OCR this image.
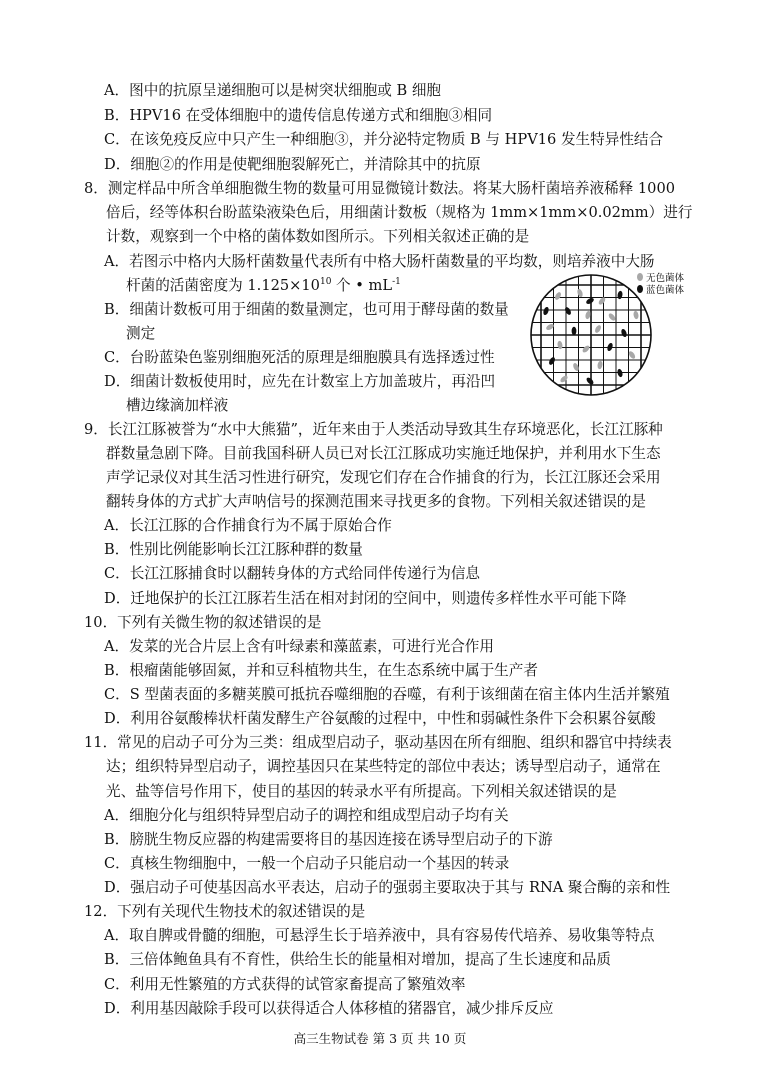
A．图中的抗原呈递细胞可以是树突状细胞或 B 细胞
B．HPV16 在受体细胞中的遗传信息传递方式和细胞③相同
C．在该免疫反应中只产生一种细胞③，并分泌特定物质 B 与 HPV16 发生特异性结合
D．细胞②的作用是使靶细胞裂解死亡，并清除其中的抗原
8．测定样品中所含单细胞微生物的数量可用显微镜计数法。将某大肠杆菌培养液稀释 1000
倍后，经等体积台盼蓝染液染色后，用细菌计数板（规格为 1mm×1mm×0.02mm）进行
计数，观察到一个中格的菌体数如图所示。下列相关叙述正确的是
A．若图示中格内大肠杆菌数量代表所有中格大肠杆菌数量的平均数，则培养液中大肠
杆菌的活菌密度为 $1.125\times 10^{10}$ 个 • $mL^{-1}$
B．细菌计数板可用于细菌的数量测定，也可用于酵母菌的数量
测定
C．台盼蓝染色鉴别细胞死活的原理是细胞膜具有选择透过性
D．细菌计数板使用时，应先在计数室上方加盖玻片，再沿凹
槽边缘滴加样液
无色菌体
蓝色菌体
9．长江江豚被誉为“水中大熊猫”，近年来由于人类活动导致其生存环境恶化，长江江豚种
群数量急剧下降。目前我国科研人员已对长江江豚成功实施迁地保护，并利用水下生态
声学记录仪对其生活习性进行研究，发现它们存在合作捕食的行为，长江江豚还会采用
翻转身体的方式扩大声呐信号的探测范围来寻找更多的食物。下列相关叙述错误的是
A．长江江豚的合作捕食行为不属于原始合作
B．性别比例能影响长江江豚种群的数量
C．长江江豚捕食时以翻转身体的方式给同伴传递行为信息
D．迁地保护的长江江豚若生活在相对封闭的空间中，则遗传多样性水平可能下降
10．下列有关微生物的叙述错误的是
A．发菜的光合片层上含有叶绿素和藻蓝素，可进行光合作用
B．根瘤菌能够固氮，并和豆科植物共生，在生态系统中属于生产者
C．S 型菌表面的多糖荚膜可抵抗吞噬细胞的吞噬，有利于该细菌在宿主体内生活并繁殖
D．利用谷氨酸棒状杆菌发酵生产谷氨酸的过程中，中性和弱碱性条件下会积累谷氨酸
11．常见的启动子可分为三类：组成型启动子，驱动基因在所有细胞、组织和器官中持续表
达；组织特异型启动子，调控基因只在某些特定的部位中表达；诱导型启动子，通常在
光、盐等信号作用下，使目的基因的转录水平有所提高。下列相关叙述错误的是
A．细胞分化与组织特异型启动子的调控和组成型启动子均有关
B．膀胱生物反应器的构建需要将目的基因连接在诱导型启动子的下游
C．真核生物细胞中，一般一个启动子只能启动一个基因的转录
D．强启动子可使基因高水平表达，启动子的强弱主要取决于其与 RNA 聚合酶的亲和性
12．下列有关现代生物技术的叙述错误的是
A．取自脾或骨髓的细胞，可悬浮生长于培养液中，具有容易传代培养、易收集等特点
B．三倍体鲍鱼具有不育性，供给生长的能量相对增加，提高了生长速度和品质
C．利用无性繁殖的方式获得的试管家畜提高了繁殖效率
D．利用基因敲除手段可以获得适合人体移植的猪器官，减少排斥反应
高三生物试卷 第 3 页 共 10 页
